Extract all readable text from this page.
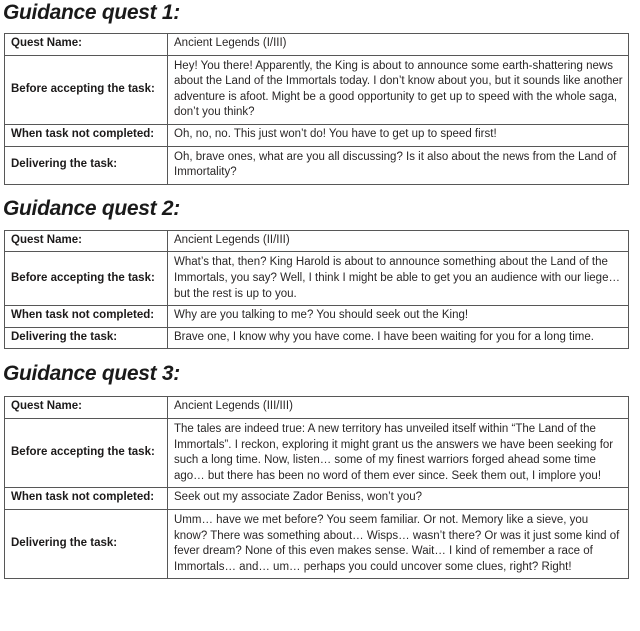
Guidance quest 1:
Quest Name:	Ancient Legends (I/III)
Before accepting the task:	Hey! You there! Apparently, the King is about to announce some earth-shattering news about the Land of the Immortals today. I don’t know about you, but it sounds like another adventure is afoot. Might be a good opportunity to get up to speed with the whole saga, don’t you think?
When task not completed:	Oh, no, no. This just won’t do! You have to get up to speed first!
Delivering the task:	Oh, brave ones, what are you all discussing? Is it also about the news from the Land of Immortality?
Guidance quest 2:
Quest Name:	Ancient Legends (II/III)
Before accepting the task:	What’s that, then? King Harold is about to announce something about the Land of the Immortals, you say? Well, I think I might be able to get you an audience with our liege… but the rest is up to you.
When task not completed:	Why are you talking to me? You should seek out the King!
Delivering the task:	Brave one, I know why you have come. I have been waiting for you for a long time.
Guidance quest 3:
Quest Name:	Ancient Legends (III/III)
Before accepting the task:	The tales are indeed true: A new territory has unveiled itself within “The Land of the Immortals”. I reckon, exploring it might grant us the answers we have been seeking for such a long time. Now, listen… some of my finest warriors forged ahead some time ago… but there has been no word of them ever since. Seek them out, I implore you!
When task not completed:	Seek out my associate Zador Beniss, won’t you?
Delivering the task:	Umm… have we met before? You seem familiar. Or not. Memory like a sieve, you know? There was something about… Wisps… wasn’t there? Or was it just some kind of fever dream? None of this even makes sense. Wait… I kind of remember a race of Immortals… and… um… perhaps you could uncover some clues, right? Right!
